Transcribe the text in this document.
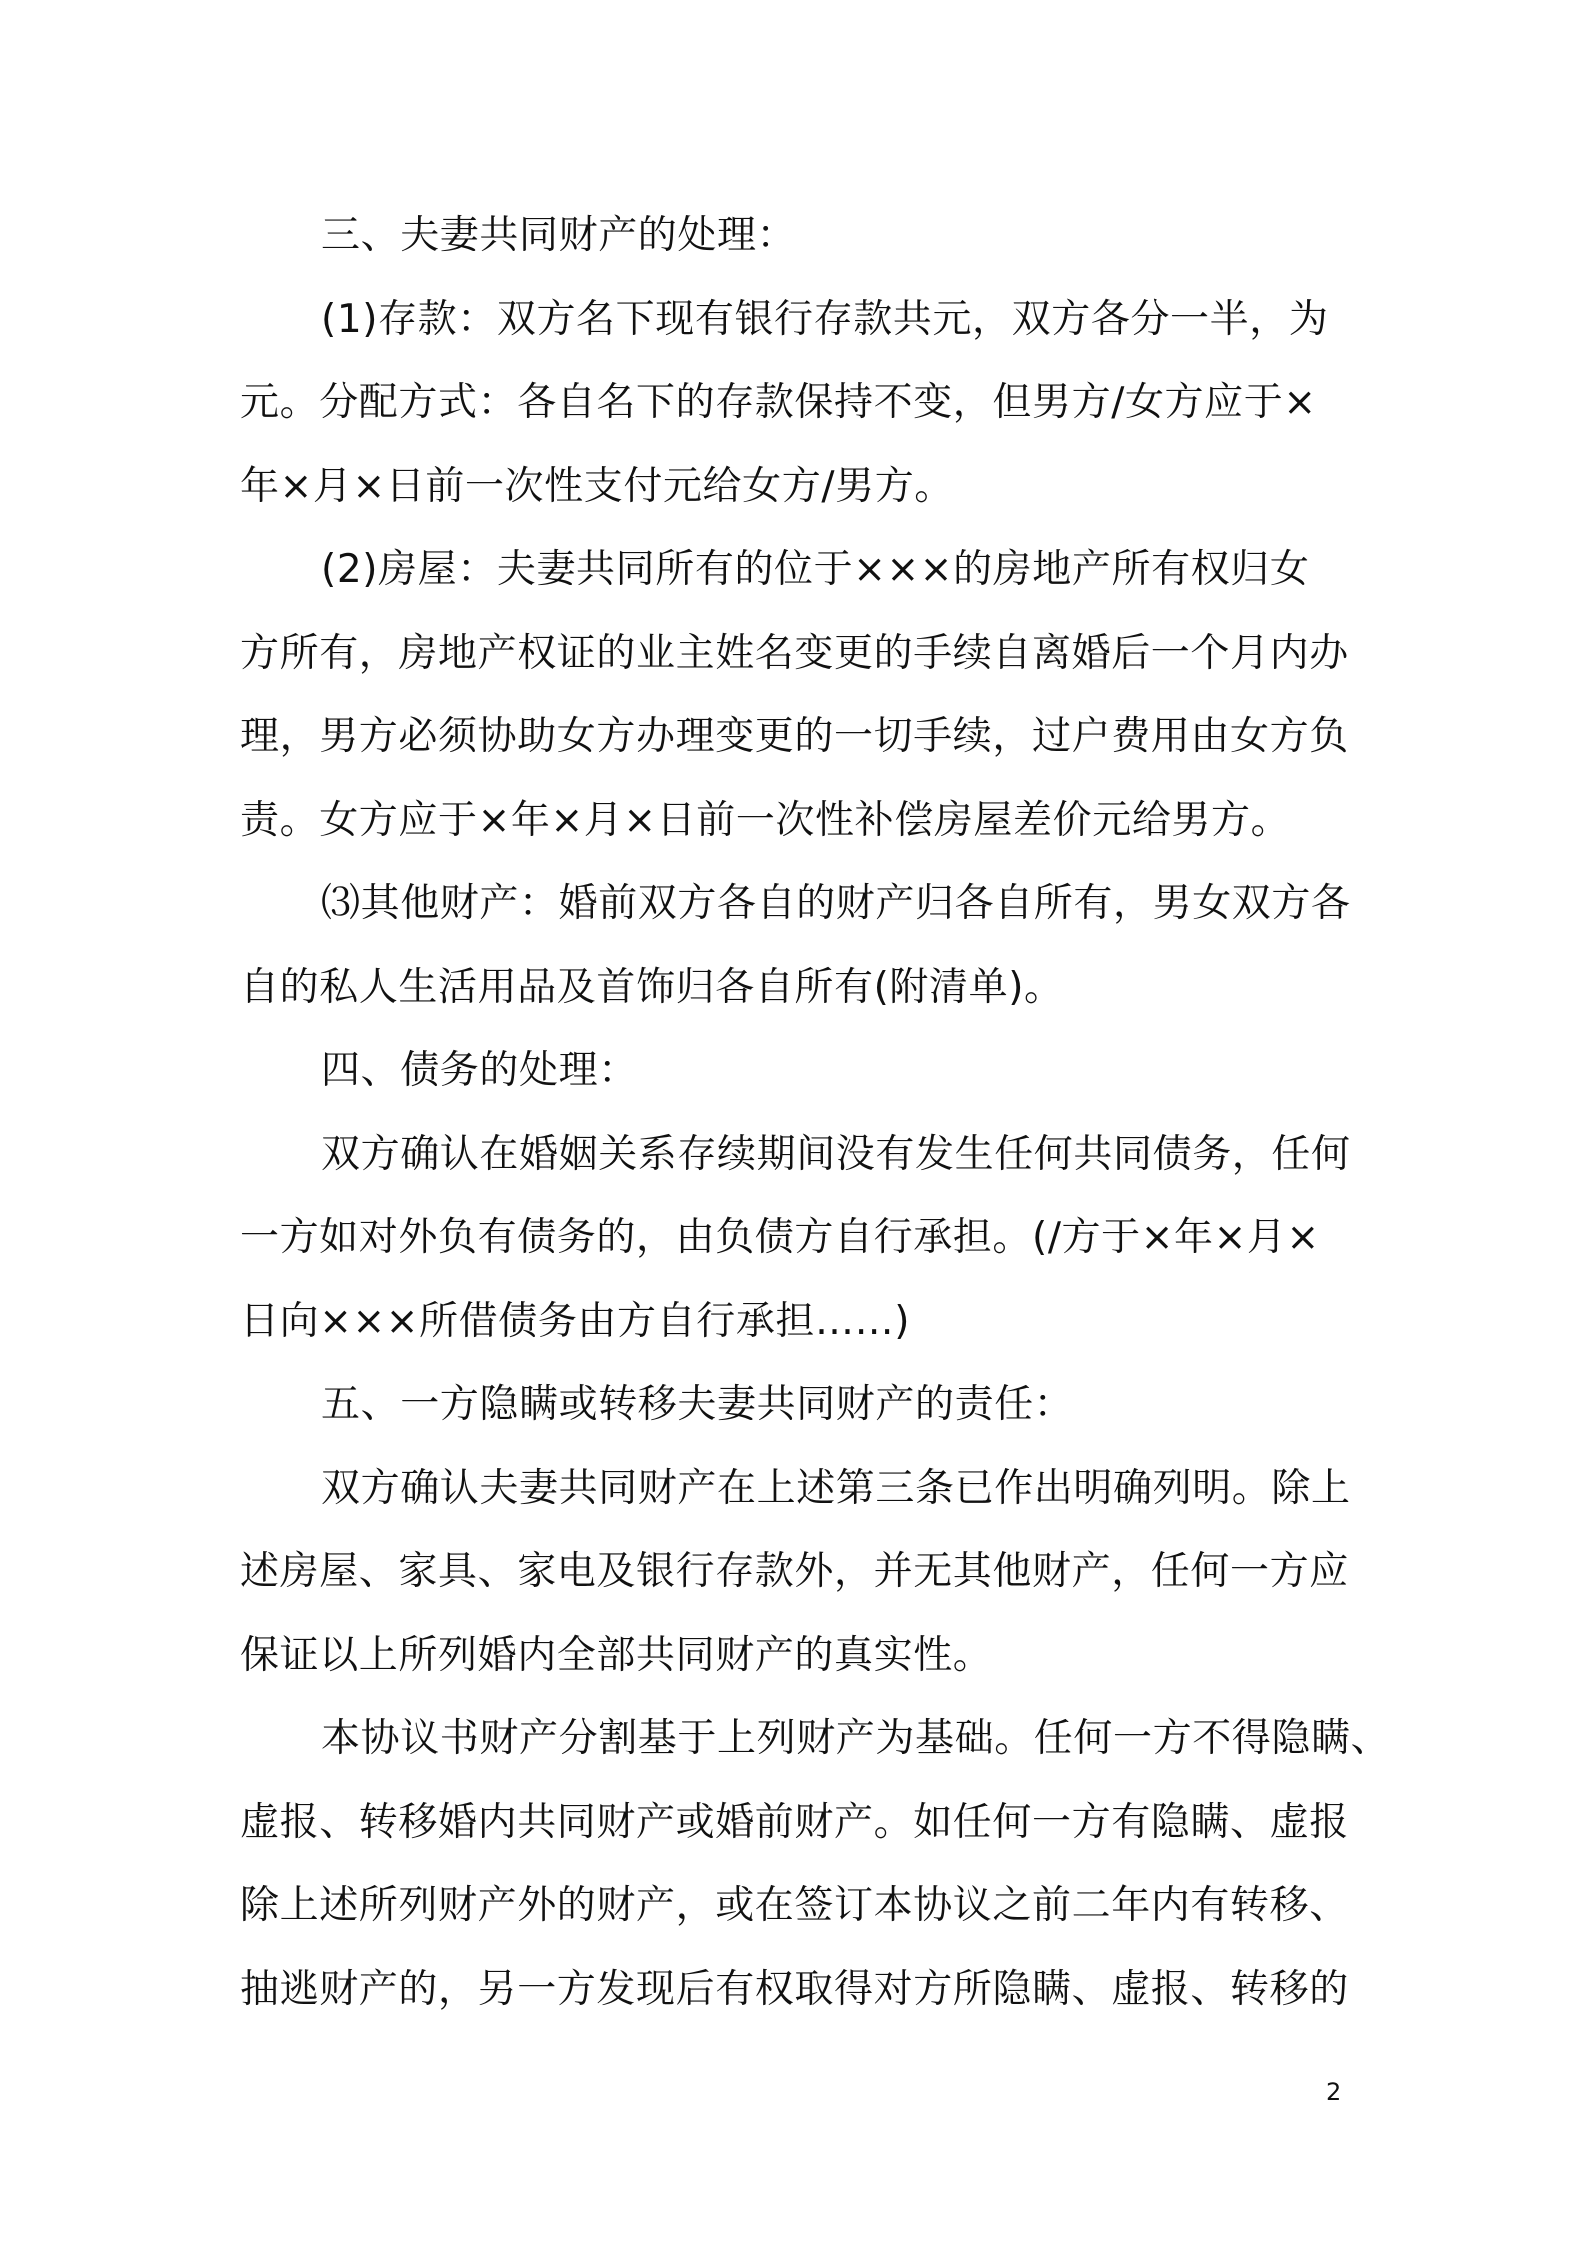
三、夫妻共同财产的处理：
(1)存款：双方名下现有银行存款共元，双方各分一半，为
元。分配方式：各自名下的存款保持不变，但男方/女方应于×
年×月×日前一次性支付元给女方/男方。
(2)房屋：夫妻共同所有的位于×××的房地产所有权归女
方所有，房地产权证的业主姓名变更的手续自离婚后一个月内办
理，男方必须协助女方办理变更的一切手续，过户费用由女方负
责。女方应于×年×月×日前一次性补偿房屋差价元给男方。
⑶其他财产：婚前双方各自的财产归各自所有，男女双方各
自的私人生活用品及首饰归各自所有(附清单)。
四、债务的处理：
双方确认在婚姻关系存续期间没有发生任何共同债务，任何
一方如对外负有债务的，由负债方自行承担。(/方于×年×月×
日向×××所借债务由方自行承担……)
五、一方隐瞒或转移夫妻共同财产的责任：
双方确认夫妻共同财产在上述第三条已作出明确列明。除上
述房屋、家具、家电及银行存款外，并无其他财产，任何一方应
保证以上所列婚内全部共同财产的真实性。
本协议书财产分割基于上列财产为基础。任何一方不得隐瞒、
虚报、转移婚内共同财产或婚前财产。如任何一方有隐瞒、虚报
除上述所列财产外的财产，或在签订本协议之前二年内有转移、
抽逃财产的，另一方发现后有权取得对方所隐瞒、虚报、转移的
2
